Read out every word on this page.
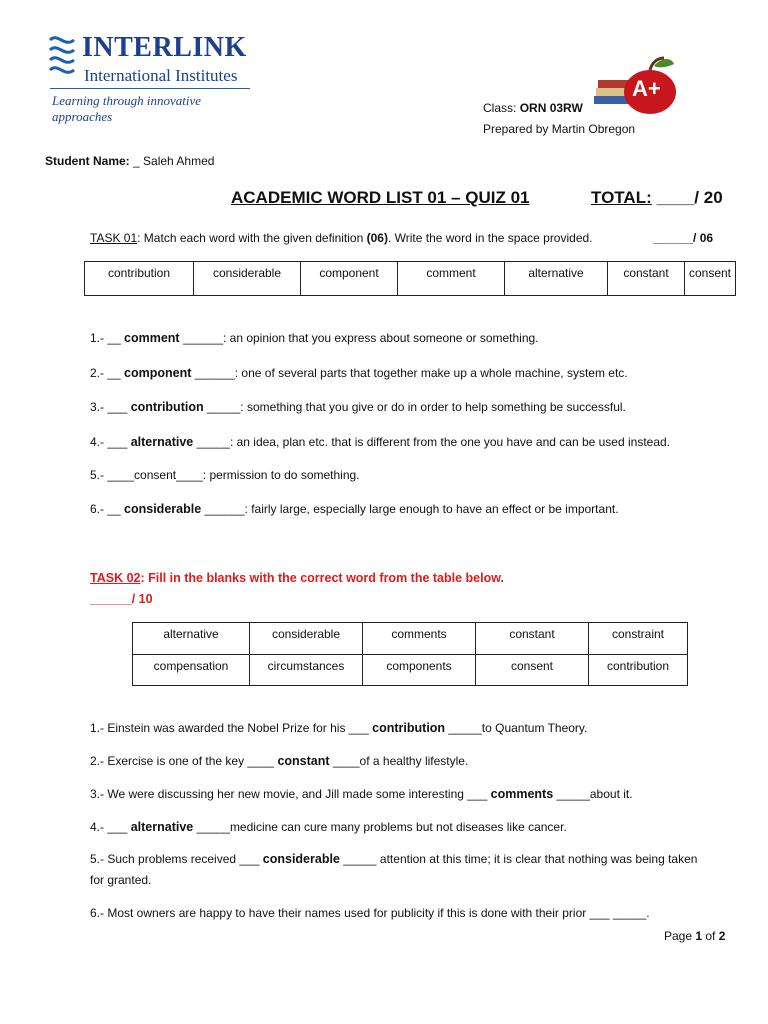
INTERLINK
International Institutes
Learning through innovative approaches
A+
Class: ORN 03RW
Prepared by Martin Obregon
Student Name: _ Saleh Ahmed
ACADEMIC WORD LIST 01 – QUIZ 01	TOTAL: ____/ 20
TASK 01: Match each word with the given definition (06). Write the word in the space provided.	______/ 06
contribution	considerable	component	comment	alternative	constant	consent
1.- __ comment ______: an opinion that you express about someone or something.
2.- __ component ______: one of several parts that together make up a whole machine, system etc.
3.- ___ contribution _____: something that you give or do in order to help something be successful.
4.- ___ alternative _____: an idea, plan etc. that is different from the one you have and can be used instead.
5.- ____consent____: permission to do something.
6.- __ considerable ______: fairly large, especially large enough to have an effect or be important.
TASK 02: Fill in the blanks with the correct word from the table below.
______/ 10
alternative	considerable	comments	constant	constraint
compensation	circumstances	components	consent	contribution
1.- Einstein was awarded the Nobel Prize for his ___ contribution _____to Quantum Theory.
2.- Exercise is one of the key ____ constant ____of a healthy lifestyle.
3.- We were discussing her new movie, and Jill made some interesting ___ comments _____about it.
4.- ___ alternative _____medicine can cure many problems but not diseases like cancer.
5.- Such problems received ___ considerable _____ attention at this time; it is clear that nothing was being taken
for granted.
6.- Most owners are happy to have their names used for publicity if this is done with their prior ___ _____.
Page 1 of 2
